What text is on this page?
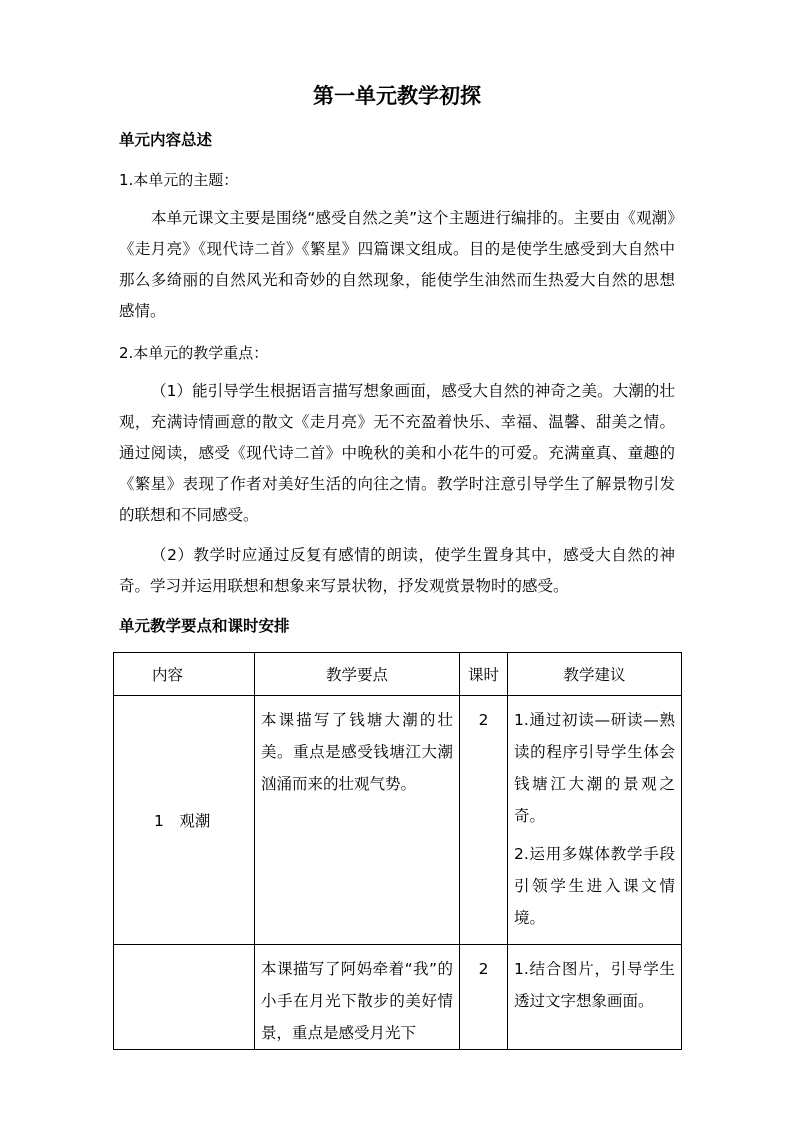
第一单元教学初探
单元内容总述
1.本单元的主题：
本单元课文主要是围绕“感受自然之美”这个主题进行编排的。主要由《观潮》《走月亮》《现代诗二首》《繁星》四篇课文组成。目的是使学生感受到大自然中那么多绮丽的自然风光和奇妙的自然现象，能使学生油然而生热爱大自然的思想感情。
2.本单元的教学重点：
（1）能引导学生根据语言描写想象画面，感受大自然的神奇之美。大潮的壮观，充满诗情画意的散文《走月亮》无不充盈着快乐、幸福、温馨、甜美之情。通过阅读，感受《现代诗二首》中晚秋的美和小花牛的可爱。充满童真、童趣的《繁星》表现了作者对美好生活的向往之情。教学时注意引导学生了解景物引发的联想和不同感受。
（2）教学时应通过反复有感情的朗读，使学生置身其中，感受大自然的神奇。学习并运用联想和想象来写景状物，抒发观赏景物时的感受。
单元教学要点和课时安排
内容	教学要点	课时	教学建议

1　观潮	本课描写了钱塘大潮的壮美。重点是感受钱塘江大潮汹涌而来的壮观气势。	2	1.通过初读—研读—熟读的程序引导学生体会钱塘江大潮的景观之奇。

2.运用多媒体教学手段引领学生进入课文情境。

	本课描写了阿妈牵着“我”的小手在月光下散步的美好情景，重点是感受月光下	2	1.结合图片，引导学生透过文字想象画面。
